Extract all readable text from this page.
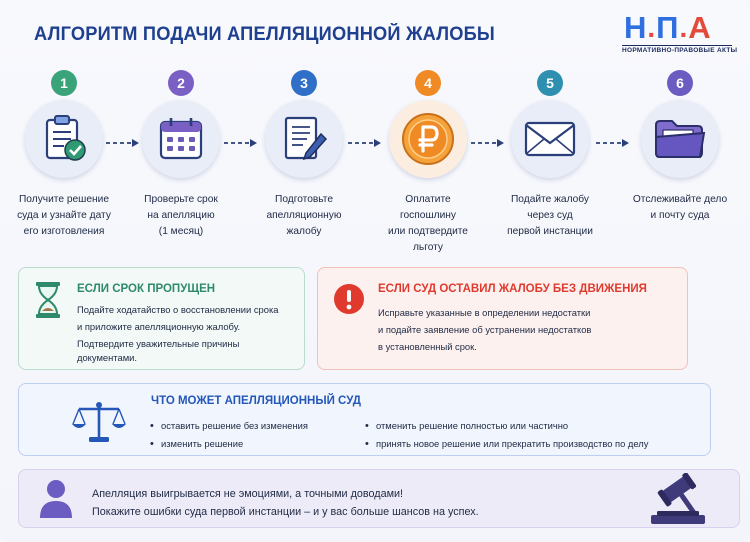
АЛГОРИТМ ПОДАЧИ АПЕЛЛЯЦИОННОЙ ЖАЛОБЫ	Н . П . А
НОРМАТИВНО-ПРАВОВЫЕ АКТЫ
1
Получите решение
суда и узнайте дату
его изготовления
2
Проверьте срок
на апелляцию
(1 месяц)
3
Подготовьте
апелляционную
жалобу
4
Оплатите
госпошлину
или подтвердите
льготу
5
Подайте жалобу
через суд
первой инстанции
6
Отслеживайте дело
и почту суда
ЕСЛИ СРОК ПРОПУЩЕН
Подайте ходатайство о восстановлении срока
и приложите апелляционную жалобу.
Подтвердите уважительные причины
документами.
ЕСЛИ СУД ОСТАВИЛ ЖАЛОБУ БЕЗ ДВИЖЕНИЯ
Исправьте указанные в определении недостатки
и подайте заявление об устранении недостатков
в установленный срок.
ЧТО МОЖЕТ АПЕЛЛЯЦИОННЫЙ СУД
• оставить решение без изменения
• изменить решение
• отменить решение полностью или частично
• принять новое решение или прекратить производство по делу
Апелляция выигрывается не эмоциями, а точными доводами!
Покажите ошибки суда первой инстанции – и у вас больше шансов на успех.
